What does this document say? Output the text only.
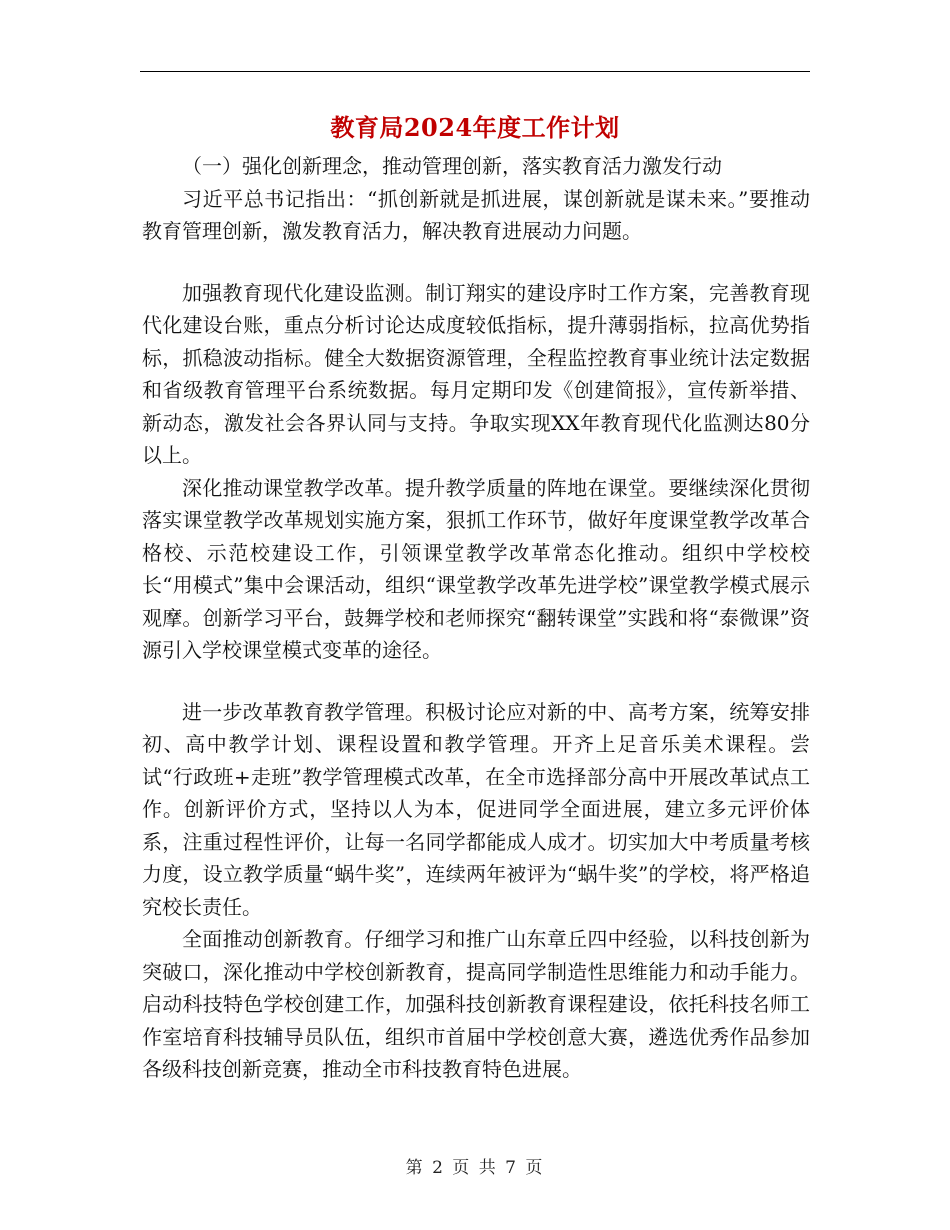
教育局2024年度工作计划

（一）强化创新理念，推动管理创新，落实教育活力激发行动

习近平总书记指出：“抓创新就是抓进展，谋创新就是谋未来。”要推动教育管理创新，激发教育活力，解决教育进展动力问题。

加强教育现代化建设监测。制订翔实的建设序时工作方案，完善教育现代化建设台账，重点分析讨论达成度较低指标，提升薄弱指标，拉高优势指标，抓稳波动指标。健全大数据资源管理，全程监控教育事业统计法定数据和省级教育管理平台系统数据。每月定期印发《创建简报》，宣传新举措、新动态，激发社会各界认同与支持。争取实现XX年教育现代化监测达80分以上。

深化推动课堂教学改革。提升教学质量的阵地在课堂。要继续深化贯彻落实课堂教学改革规划实施方案，狠抓工作环节，做好年度课堂教学改革合格校、示范校建设工作，引领课堂教学改革常态化推动。组织中学校校长“用模式”集中会课活动，组织“课堂教学改革先进学校”课堂教学模式展示观摩。创新学习平台，鼓舞学校和老师探究“翻转课堂”实践和将“泰微课”资源引入学校课堂模式变革的途径。

进一步改革教育教学管理。积极讨论应对新的中、高考方案，统筹安排初、高中教学计划、课程设置和教学管理。开齐上足音乐美术课程。尝试“行政班+走班”教学管理模式改革，在全市选择部分高中开展改革试点工作。创新评价方式，坚持以人为本，促进同学全面进展，建立多元评价体系，注重过程性评价，让每一名同学都能成人成才。切实加大中考质量考核力度，设立教学质量“蜗牛奖”，连续两年被评为“蜗牛奖”的学校，将严格追究校长责任。

全面推动创新教育。仔细学习和推广山东章丘四中经验，以科技创新为突破口，深化推动中学校创新教育，提高同学制造性思维能力和动手能力。启动科技特色学校创建工作，加强科技创新教育课程建设，依托科技名师工作室培育科技辅导员队伍，组织市首届中学校创意大赛，遴选优秀作品参加各级科技创新竞赛，推动全市科技教育特色进展。

第 2 页 共 7 页
